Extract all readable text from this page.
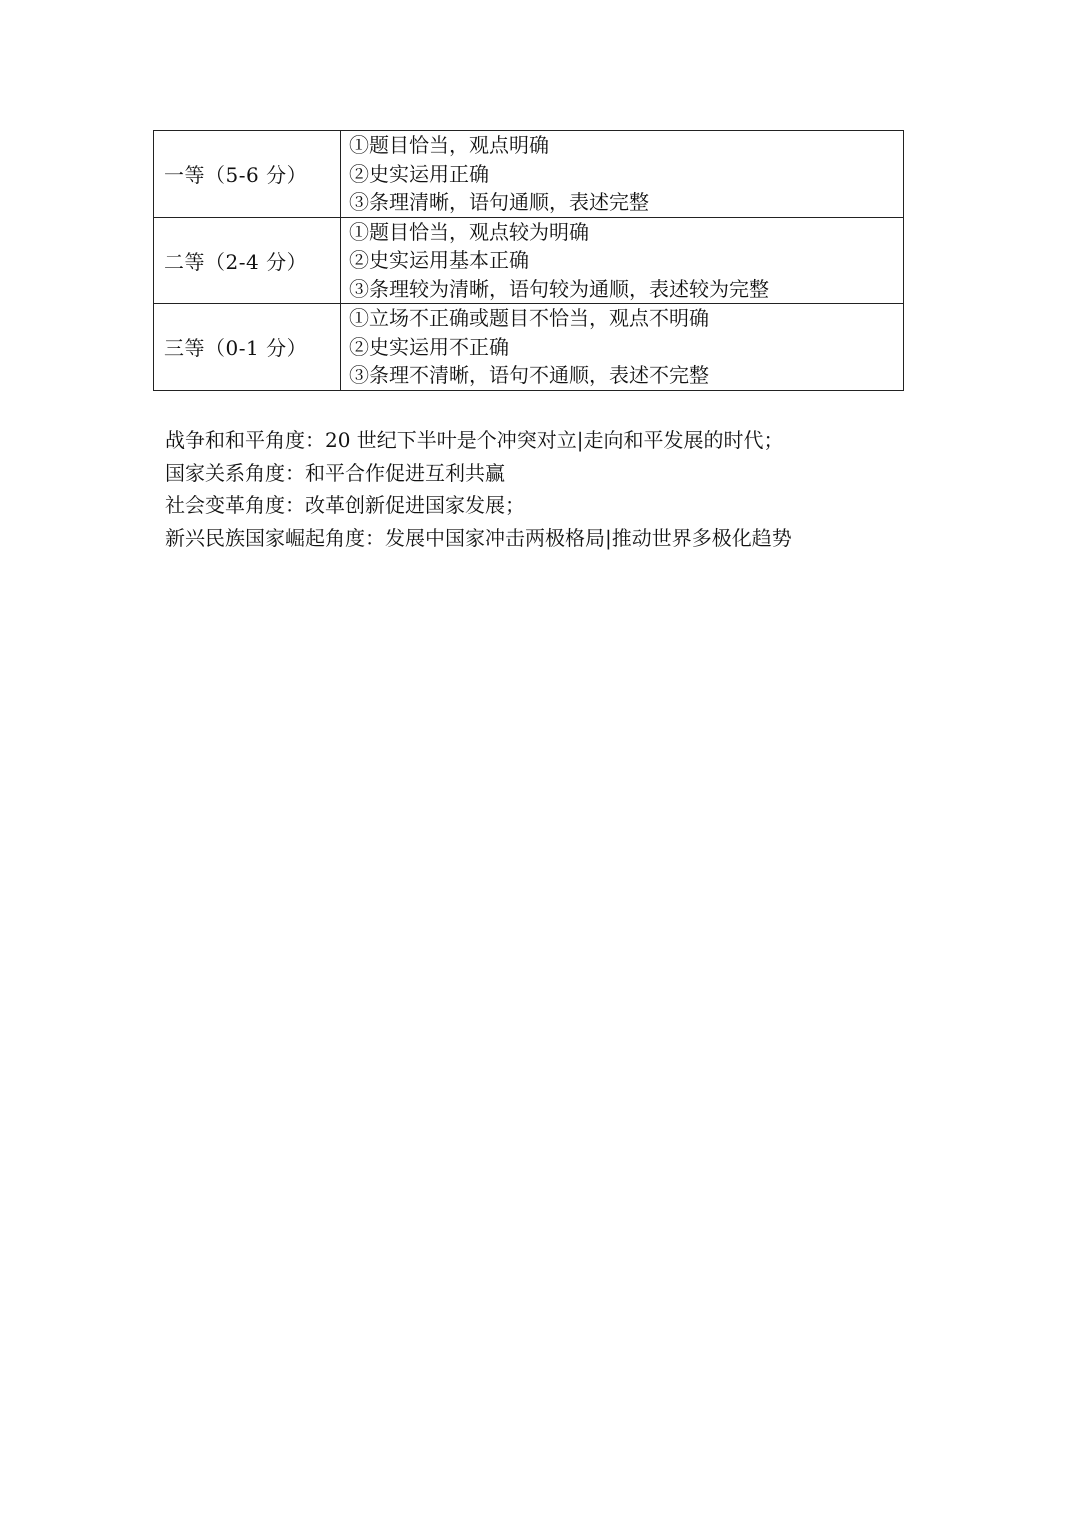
一等（5-6 分）	①题目恰当，观点明确
②史实运用正确
③条理清晰，语句通顺，表述完整

二等（2-4 分）	①题目恰当，观点较为明确
②史实运用基本正确
③条理较为清晰，语句较为通顺，表述较为完整

三等（0-1 分）	①立场不正确或题目不恰当，观点不明确
②史实运用不正确
③条理不清晰，语句不通顺，表述不完整
战争和和平角度：20 世纪下半叶是个冲突对立|走向和平发展的时代；
国家关系角度：和平合作促进互利共赢
社会变革角度：改革创新促进国家发展；
新兴民族国家崛起角度：发展中国家冲击两极格局|推动世界多极化趋势
